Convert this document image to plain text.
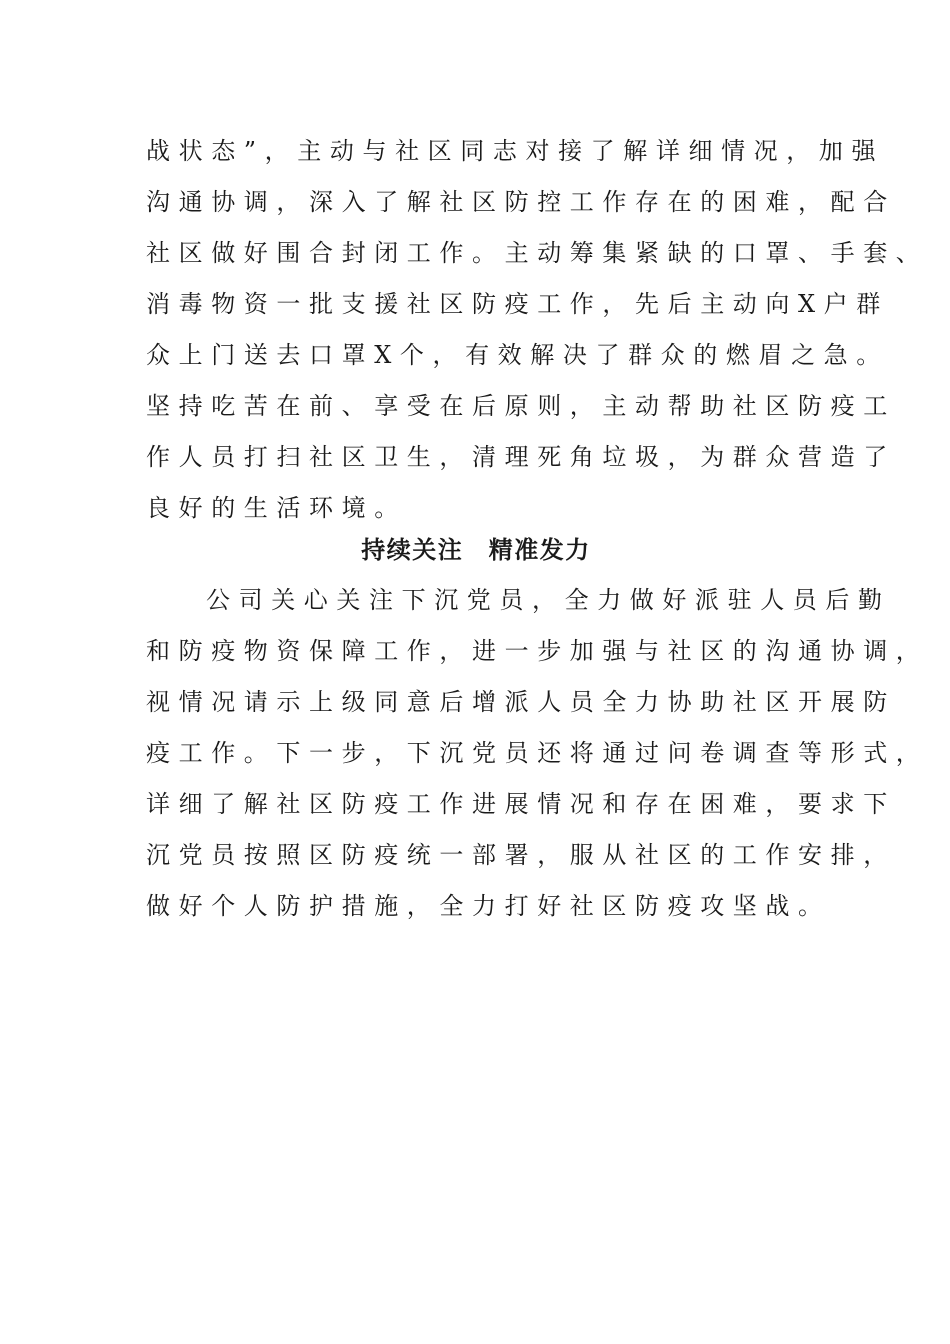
战状态”，主动与社区同志对接了解详细情况，加强
沟通协调，深入了解社区防控工作存在的困难，配合
社区做好围合封闭工作。主动筹集紧缺的口罩、手套、
消毒物资一批支援社区防疫工作，先后主动向X户群
众上门送去口罩X个，有效解决了群众的燃眉之急。
坚持吃苦在前、享受在后原则，主动帮助社区防疫工
作人员打扫社区卫生，清理死角垃圾，为群众营造了
良好的生活环境。
持续关注　精准发力
公司关心关注下沉党员，全力做好派驻人员后勤
和防疫物资保障工作，进一步加强与社区的沟通协调，
视情况请示上级同意后增派人员全力协助社区开展防
疫工作。下一步，下沉党员还将通过问卷调查等形式，
详细了解社区防疫工作进展情况和存在困难，要求下
沉党员按照区防疫统一部署，服从社区的工作安排，
做好个人防护措施，全力打好社区防疫攻坚战。
